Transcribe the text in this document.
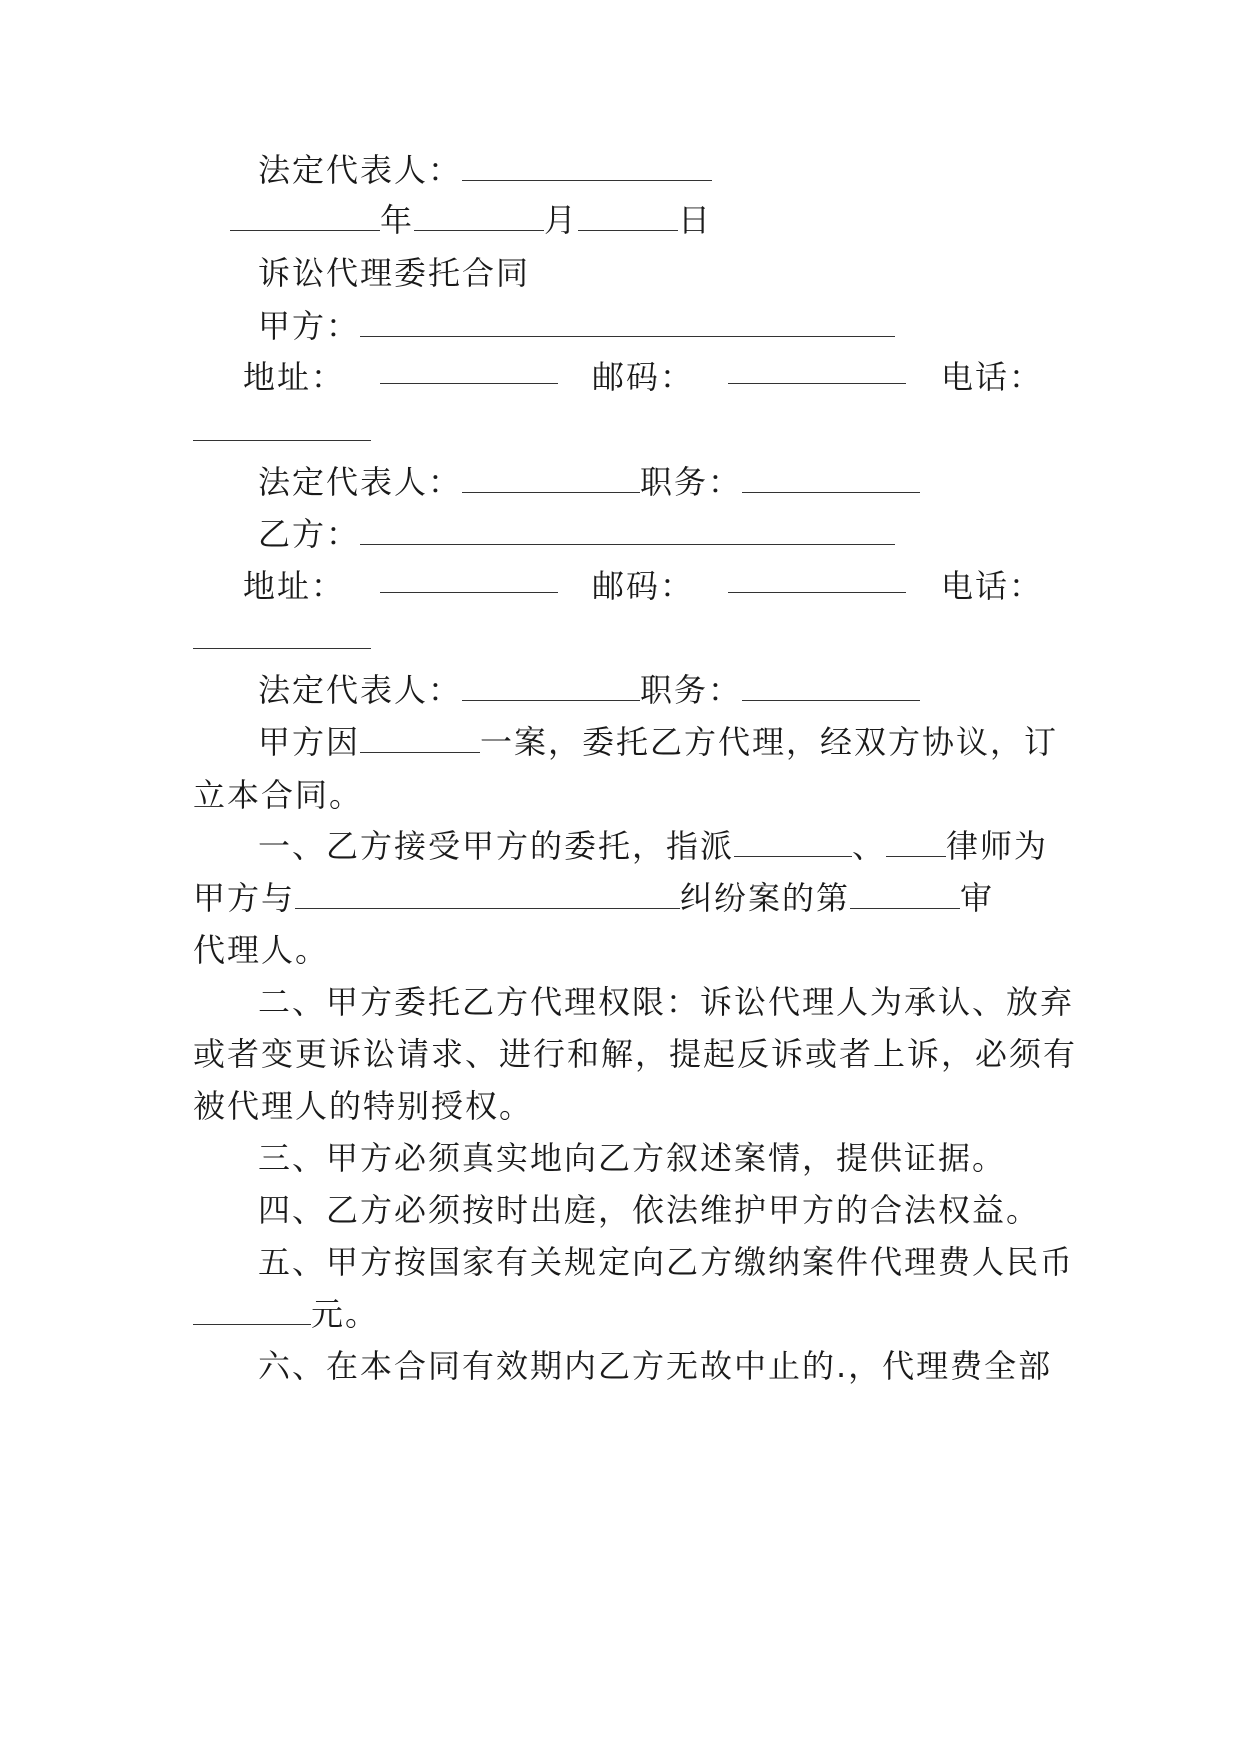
法定代表人：
年	月	日
诉讼代理委托合同
甲方：
地址：	邮码：	电话：
法定代表人：	职务：
乙方：
地址：	邮码：	电话：
法定代表人：	职务：
甲方因	一案，委托乙方代理，经双方协议，订
立本合同。
一、乙方接受甲方的委托，指派	、 律师为
甲方与	纠纷案的第	审
代理人。
二、甲方委托乙方代理权限：诉讼代理人为承认、放弃
或者变更诉讼请求、进行和解，提起反诉或者上诉，必须有
被代理人的特别授权。
三、甲方必须真实地向乙方叙述案情，提供证据。
四、乙方必须按时出庭，依法维护甲方的合法权益。
五、甲方按国家有关规定向乙方缴纳案件代理费人民币
元。
六、在本合同有效期内乙方无故中止的.，代理费全部
